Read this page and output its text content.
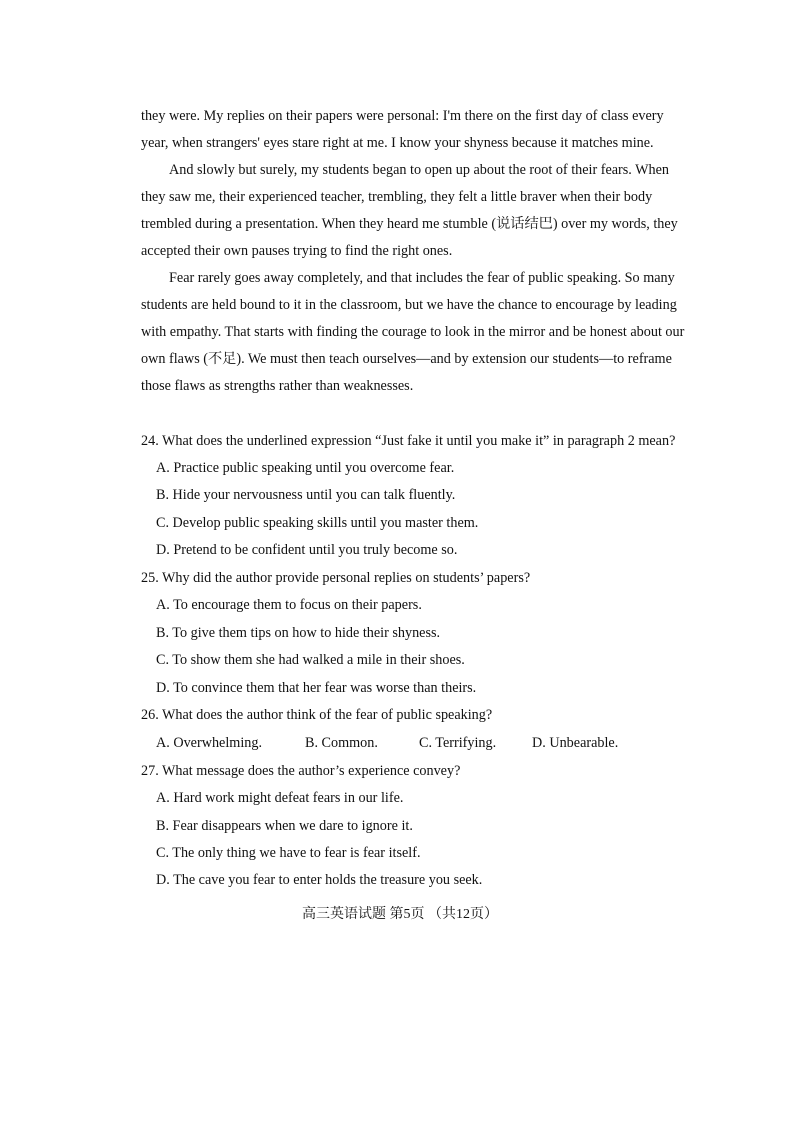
they were. My replies on their papers were personal: I'm there on the first day of class every
year, when strangers' eyes stare right at me. I know your shyness because it matches mine.
And slowly but surely, my students began to open up about the root of their fears. When
they saw me, their experienced teacher, trembling, they felt a little braver when their body
trembled during a presentation. When they heard me stumble (说话结巴) over my words, they
accepted their own pauses trying to find the right ones.
Fear rarely goes away completely, and that includes the fear of public speaking. So many
students are held bound to it in the classroom, but we have the chance to encourage by leading
with empathy. That starts with finding the courage to look in the mirror and be honest about our
own flaws (不足). We must then teach ourselves—and by extension our students—to reframe
those flaws as strengths rather than weaknesses.
24. What does the underlined expression “Just fake it until you make it” in paragraph 2 mean?
A. Practice public speaking until you overcome fear.
B. Hide your nervousness until you can talk fluently.
C. Develop public speaking skills until you master them.
D. Pretend to be confident until you truly become so.
25. Why did the author provide personal replies on students’ papers?
A. To encourage them to focus on their papers.
B. To give them tips on how to hide their shyness.
C. To show them she had walked a mile in their shoes.
D. To convince them that her fear was worse than theirs.
26. What does the author think of the fear of public speaking?
A. Overwhelming.	B. Common.	C. Terrifying.	D. Unbearable.
27. What message does the author’s experience convey?
A. Hard work might defeat fears in our life.
B. Fear disappears when we dare to ignore it.
C. The only thing we have to fear is fear itself.
D. The cave you fear to enter holds the treasure you seek.
高三英语试题 第5页 （共12页）
